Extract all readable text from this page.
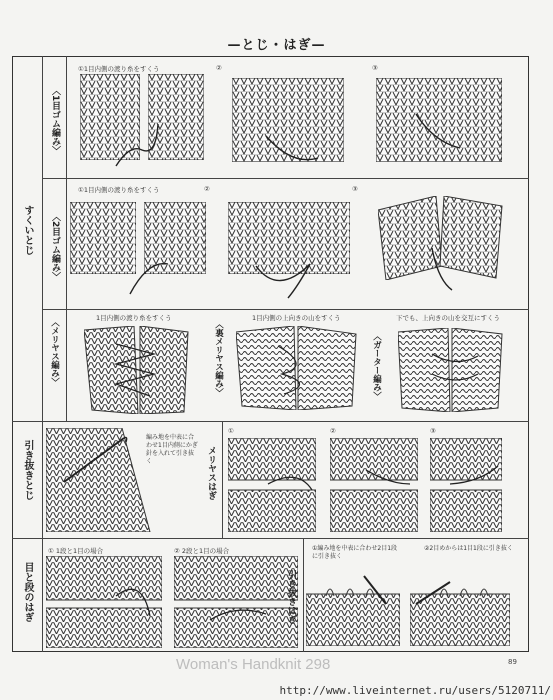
—とじ・はぎ—
すくいとじ
引き抜きとじ
目と段のはぎ
〈1目ゴム編み〉
①1目内側の渡り糸をすくう	②	③
〈2目ゴム編み〉
①1目内側の渡り糸をすくう	②	③
〈メリヤス編み〉	〈裏メリヤス編み〉	〈ガーター編み〉
1目内側の渡り糸をすくう	1目内側の上向きの山をすくう	下でも、上向きの山を交互にすくう
編み地を中表に合わせ1目内側にかぎ針を入れて引き抜く	メリヤスはぎ
①	②	③
① 1段と1目の場合	② 2段と1目の場合
引き抜きはぎ
①編み地を中表に合わせ2目1段に引き抜く
②2目めからは1目1段に引き抜く
Woman's Handknit 298	89
http://www.liveinternet.ru/users/5120711/
